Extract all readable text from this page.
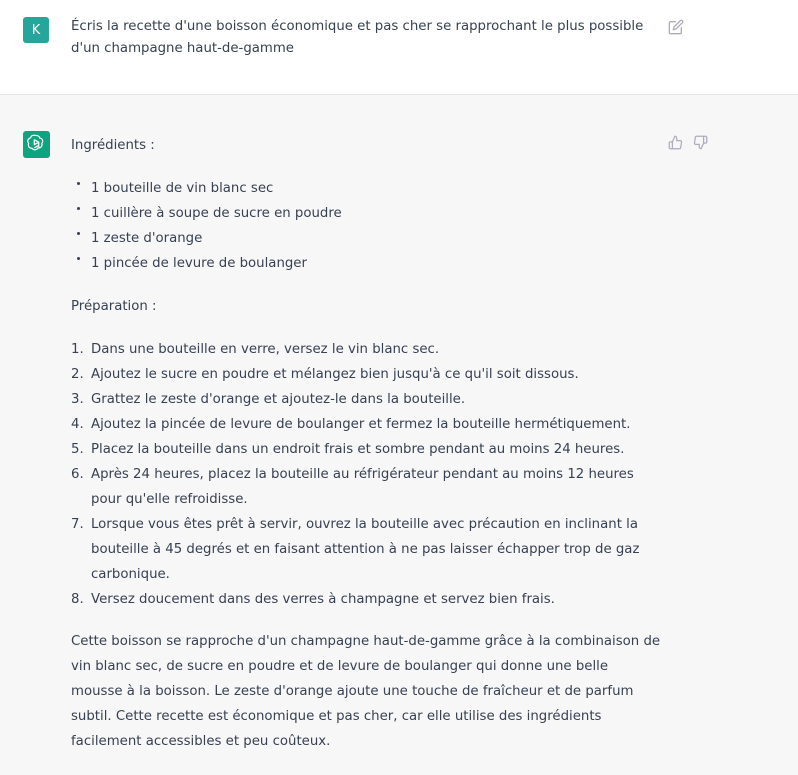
K Écris la recette d'une boisson économique et pas cher se rapprochant le plus possible d'un champagne haut-de-gamme

Ingrédients :

1 bouteille de vin blanc sec
1 cuillère à soupe de sucre en poudre
1 zeste d'orange
1 pincée de levure de boulanger

Préparation :

1. Dans une bouteille en verre, versez le vin blanc sec.
2. Ajoutez le sucre en poudre et mélangez bien jusqu'à ce qu'il soit dissous.
3. Grattez le zeste d'orange et ajoutez-le dans la bouteille.
4. Ajoutez la pincée de levure de boulanger et fermez la bouteille hermétiquement.
5. Placez la bouteille dans un endroit frais et sombre pendant au moins 24 heures.
6. Après 24 heures, placez la bouteille au réfrigérateur pendant au moins 12 heures pour qu'elle refroidisse.
7. Lorsque vous êtes prêt à servir, ouvrez la bouteille avec précaution en inclinant la bouteille à 45 degrés et en faisant attention à ne pas laisser échapper trop de gaz carbonique.
8. Versez doucement dans des verres à champagne et servez bien frais.

Cette boisson se rapproche d'un champagne haut-de-gamme grâce à la combinaison de vin blanc sec, de sucre en poudre et de levure de boulanger qui donne une belle mousse à la boisson. Le zeste d'orange ajoute une touche de fraîcheur et de parfum subtil. Cette recette est économique et pas cher, car elle utilise des ingrédients facilement accessibles et peu coûteux.
